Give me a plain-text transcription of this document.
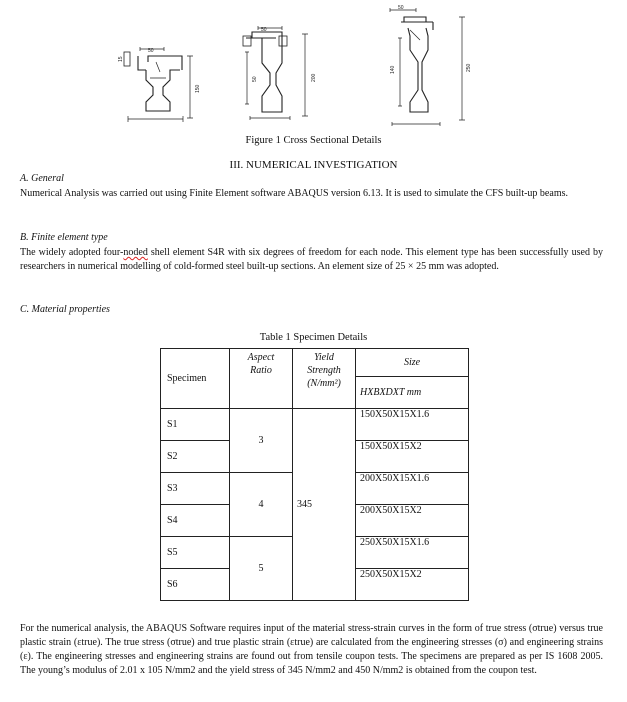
50
15
150
50
50	200
50
140	250
Figure 1 Cross Sectional Details
III. NUMERICAL INVESTIGATION
A. General
Numerical Analysis was carried out using Finite Element software ABAQUS version 6.13. It is used to simulate the CFS built-up beams.
B. Finite element type
The widely adopted four-noded shell element S4R with six degrees of freedom for each node. This element type has been successfully used by researchers in numerical modelling of cold-formed steel built-up sections. An element size of 25 × 25 mm was adopted.
C. Material properties
Table 1 Specimen Details
Specimen	Aspect Ratio	Yield Strength (N/mm²)	Size
			HXBXDXT mm
S1	3	345	150X50X15X1.6
S2			150X50X15X2
S3	4		200X50X15X1.6
S4			200X50X15X2
S5	5		250X50X15X1.6
S6			250X50X15X2
For the numerical analysis, the ABAQUS Software requires input of the material stress-strain curves in the form of true stress (σtrue) versus true plastic strain (εtrue). The true stress (σtrue) and true plastic strain (εtrue) are calculated from the engineering stresses (σ) and engineering strains (ε). The engineering stresses and engineering strains are found out from tensile coupon tests. The specimens are prepared as per IS 1608 2005. The young’s modulus of 2.01 x 105 N/mm2 and the yield stress of 345 N/mm2 and 450 N/mm2 is obtained from the coupon test.
